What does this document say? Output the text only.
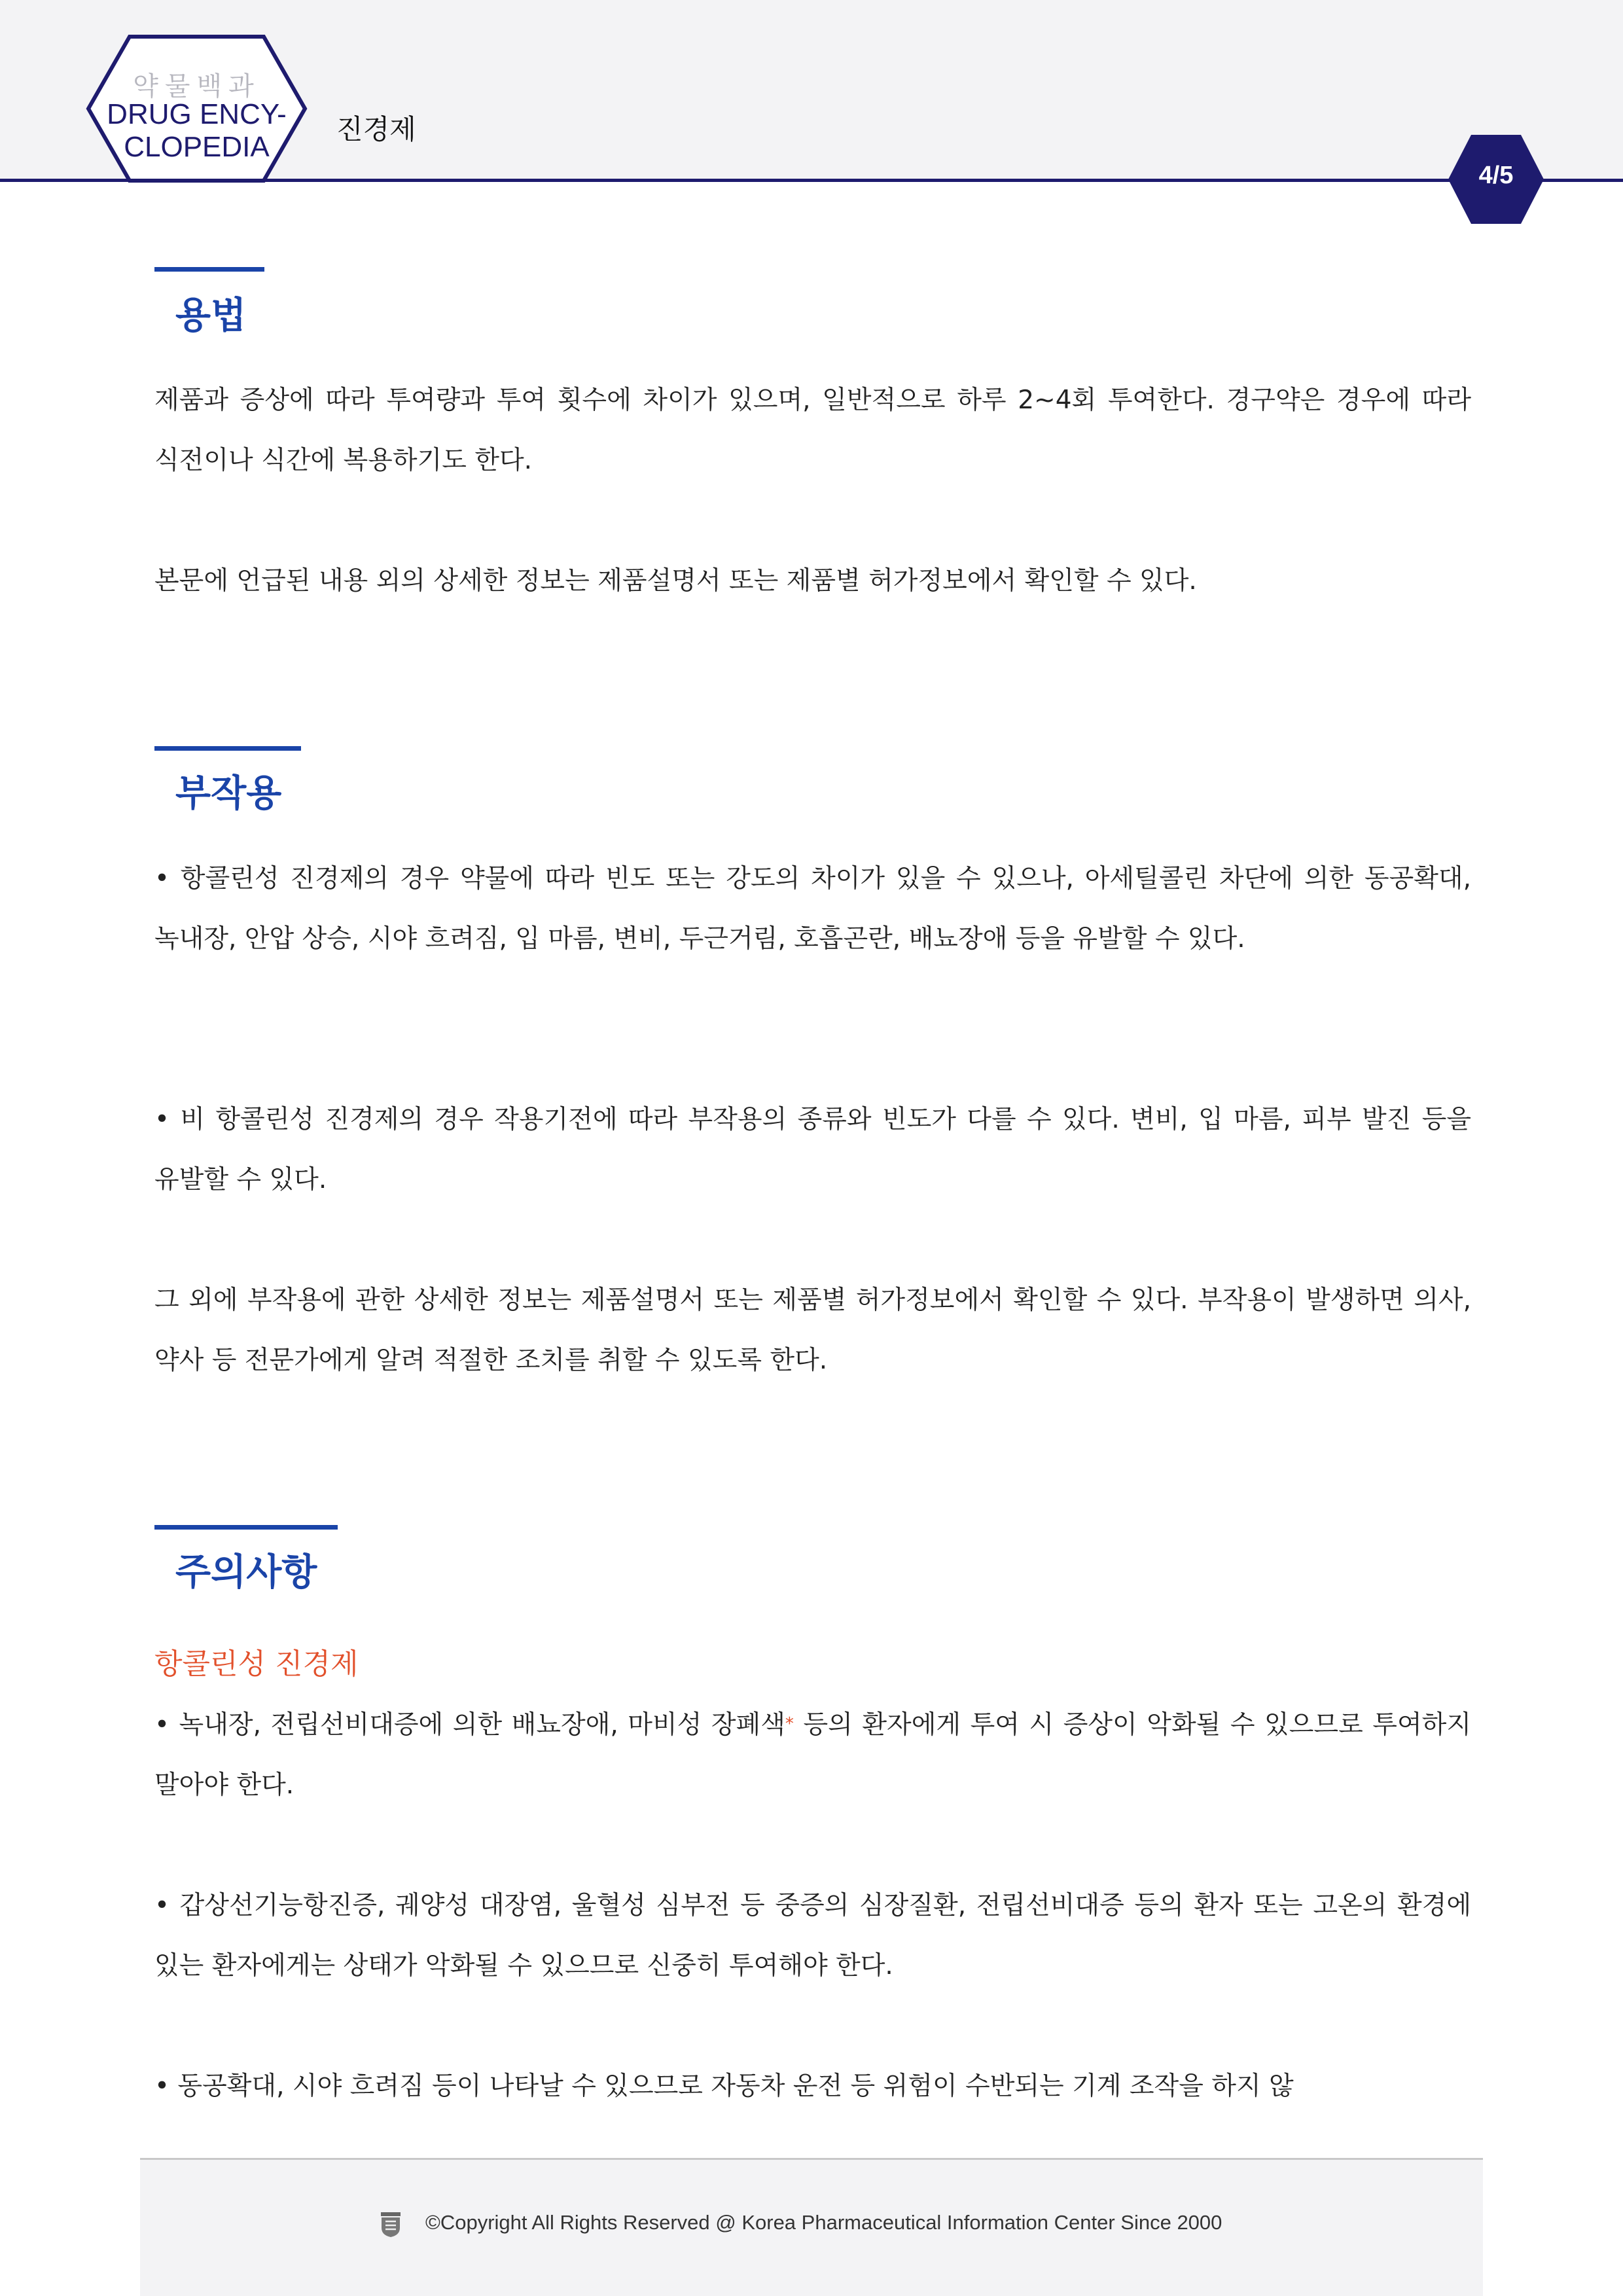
약물백과
DRUG ENCY-
CLOPEDIA
진경제
4/5
용법

제품과 증상에 따라 투여량과 투여 횟수에 차이가 있으며, 일반적으로 하루 2~4회 투여한다. 경구약은 경우에 따라 식전이나 식간에 복용하기도 한다.

본문에 언급된 내용 외의 상세한 정보는 제품설명서 또는 제품별 허가정보에서 확인할 수 있다.

부작용

• 항콜린성 진경제의 경우 약물에 따라 빈도 또는 강도의 차이가 있을 수 있으나, 아세틸콜린 차단에 의한 동공확대, 녹내장, 안압 상승, 시야 흐려짐, 입 마름, 변비, 두근거림, 호흡곤란, 배뇨장애 등을 유발할 수 있다.

• 비 항콜린성 진경제의 경우 작용기전에 따라 부작용의 종류와 빈도가 다를 수 있다. 변비, 입 마름, 피부 발진 등을 유발할 수 있다.

그 외에 부작용에 관한 상세한 정보는 제품설명서 또는 제품별 허가정보에서 확인할 수 있다. 부작용이 발생하면 의사, 약사 등 전문가에게 알려 적절한 조치를 취할 수 있도록 한다.

주의사항
항콜린성 진경제

• 녹내장, 전립선비대증에 의한 배뇨장애, 마비성 장폐색* 등의 환자에게 투여 시 증상이 악화될 수 있으므로 투여하지 말아야 한다.

• 갑상선기능항진증, 궤양성 대장염, 울혈성 심부전 등 중증의 심장질환, 전립선비대증 등의 환자 또는 고온의 환경에 있는 환자에게는 상태가 악화될 수 있으므로 신중히 투여해야 한다.

• 동공확대, 시야 흐려짐 등이 나타날 수 있으므로 자동차 운전 등 위험이 수반되는 기계 조작을 하지 않

©Copyright All Rights Reserved @ Korea Pharmaceutical Information Center Since 2000
